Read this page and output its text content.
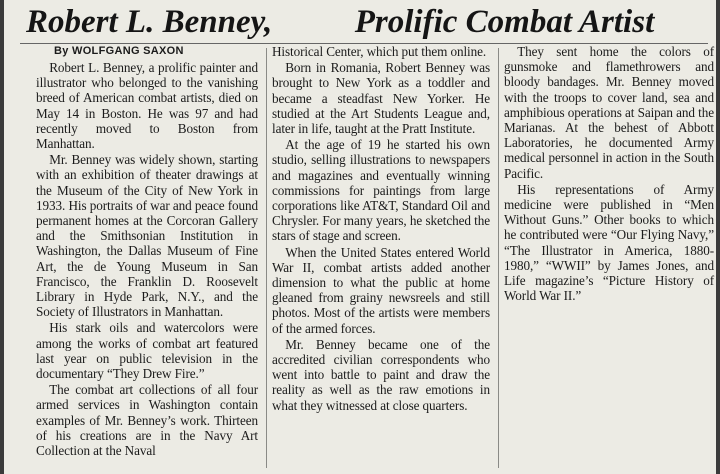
Robert L. Benney,	Prolific Combat Artist
By WOLFGANG SAXON

Robert L. Benney, a prolific painter and illustrator who belonged to the vanishing breed of American combat artists, died on May 14 in Boston. He was 97 and had recently moved to Boston from Manhattan.

Mr. Benney was widely shown, starting with an exhibition of theater drawings at the Museum of the City of New York in 1933. His portraits of war and peace found permanent homes at the Corcoran Gallery and the Smithsonian Institution in Washington, the Dallas Museum of Fine Art, the de Young Museum in San Francisco, the Franklin D. Roosevelt Library in Hyde Park, N.Y., and the Society of Illustrators in Manhattan.

His stark oils and watercolors were among the works of combat art featured last year on public television in the documentary “They Drew Fire.”

The combat art collections of all four armed services in Washington contain examples of Mr. Benney’s work. Thirteen of his creations are in the Navy Art Collection at the Naval

Historical Center, which put them online.

Born in Romania, Robert Benney was brought to New York as a toddler and became a steadfast New Yorker. He studied at the Art Students League and, later in life, taught at the Pratt Institute.

At the age of 19 he started his own studio, selling illustrations to newspapers and magazines and eventually winning commissions for paintings from large corporations like AT&T, Standard Oil and Chrysler. For many years, he sketched the stars of stage and screen.

When the United States entered World War II, combat artists added another dimension to what the public at home gleaned from grainy newsreels and still photos. Most of the artists were members of the armed forces.

Mr. Benney became one of the accredited civilian correspondents who went into battle to paint and draw the reality as well as the raw emotions in what they witnessed at close quarters.

They sent home the colors of gunsmoke and flamethrowers and bloody bandages. Mr. Benney moved with the troops to cover land, sea and amphibious operations at Saipan and the Marianas. At the behest of Abbott Laboratories, he documented Army medical personnel in action in the South Pacific.

His representations of Army medicine were published in “Men Without Guns.” Other books to which he contributed were “Our Flying Navy,” “The Illustrator in America, 1880-1980,” “WWII” by James Jones, and Life magazine’s “Picture History of World War II.”
